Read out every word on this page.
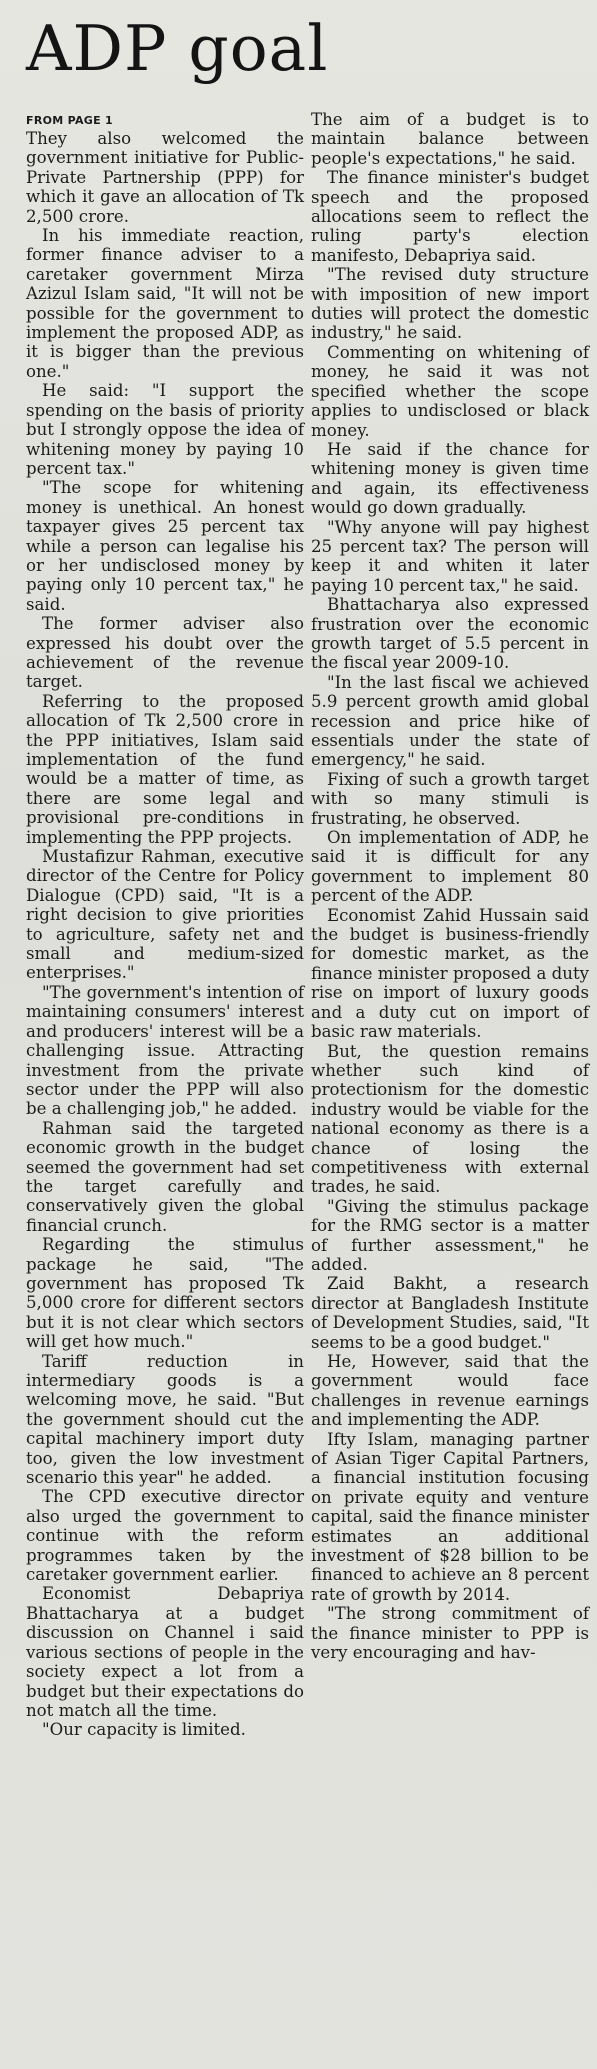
ADP goal
FROM PAGE 1

They also welcomed the government initiative for Public-Private Partnership (PPP) for which it gave an allocation of Tk 2,500 crore.

In his immediate reaction, former finance adviser to a caretaker government Mirza Azizul Islam said, "It will not be possible for the government to implement the proposed ADP, as it is bigger than the previous one."

He said: "I support the spending on the basis of priority but I strongly oppose the idea of whitening money by paying 10 percent tax."

"The scope for whitening money is unethical. An honest taxpayer gives 25 percent tax while a person can legalise his or her undisclosed money by paying only 10 percent tax," he said.

The former adviser also expressed his doubt over the achievement of the revenue target.

Referring to the proposed allocation of Tk 2,500 crore in the PPP initiatives, Islam said implementation of the fund would be a matter of time, as there are some legal and provisional pre-conditions in implementing the PPP projects.

Mustafizur Rahman, executive director of the Centre for Policy Dialogue (CPD) said, "It is a right decision to give priorities to agriculture, safety net and small and medium-sized enterprises."

"The government's intention of maintaining consumers' interest and producers' interest will be a challenging issue. Attracting investment from the private sector under the PPP will also be a challenging job," he added.

Rahman said the targeted economic growth in the budget seemed the government had set the target carefully and conservatively given the global financial crunch.

Regarding the stimulus package he said, "The government has proposed Tk 5,000 crore for different sectors but it is not clear which sectors will get how much."

Tariff reduction in intermediary goods is a welcoming move, he said. "But the government should cut the capital machinery import duty too, given the low investment scenario this year" he added.

The CPD executive director also urged the government to continue with the reform programmes taken by the caretaker government earlier.

Economist Debapriya Bhattacharya at a budget discussion on Channel i said various sections of people in the society expect a lot from a budget but their expectations do not match all the time.

"Our capacity is limited.

The aim of a budget is to maintain balance between people's expectations," he said.

The finance minister's budget speech and the proposed allocations seem to reflect the ruling party's election manifesto, Debapriya said.

"The revised duty structure with imposition of new import duties will protect the domestic industry," he said.

Commenting on whitening of money, he said it was not specified whether the scope applies to undisclosed or black money.

He said if the chance for whitening money is given time and again, its effectiveness would go down gradually.

"Why anyone will pay highest 25 percent tax? The person will keep it and whiten it later paying 10 percent tax," he said.

Bhattacharya also expressed frustration over the economic growth target of 5.5 percent in the fiscal year 2009-10.

"In the last fiscal we achieved 5.9 percent growth amid global recession and price hike of essentials under the state of emergency," he said.

Fixing of such a growth target with so many stimuli is frustrating, he observed.

On implementation of ADP, he said it is difficult for any government to implement 80 percent of the ADP.

Economist Zahid Hussain said the budget is business-friendly for domestic market, as the finance minister proposed a duty rise on import of luxury goods and a duty cut on import of basic raw materials.

But, the question remains whether such kind of protectionism for the domestic industry would be viable for the national economy as there is a chance of losing the competitiveness with external trades, he said.

"Giving the stimulus package for the RMG sector is a matter of further assessment," he added.

Zaid Bakht, a research director at Bangladesh Institute of Development Studies, said, "It seems to be a good budget."

He, However, said that the government would face challenges in revenue earnings and implementing the ADP.

Ifty Islam, managing partner of Asian Tiger Capital Partners, a financial institution focusing on private equity and venture capital, said the finance minister estimates an additional investment of $28 billion to be financed to achieve an 8 percent rate of growth by 2014.

"The strong commitment of the finance minister to PPP is very encouraging and hav-
